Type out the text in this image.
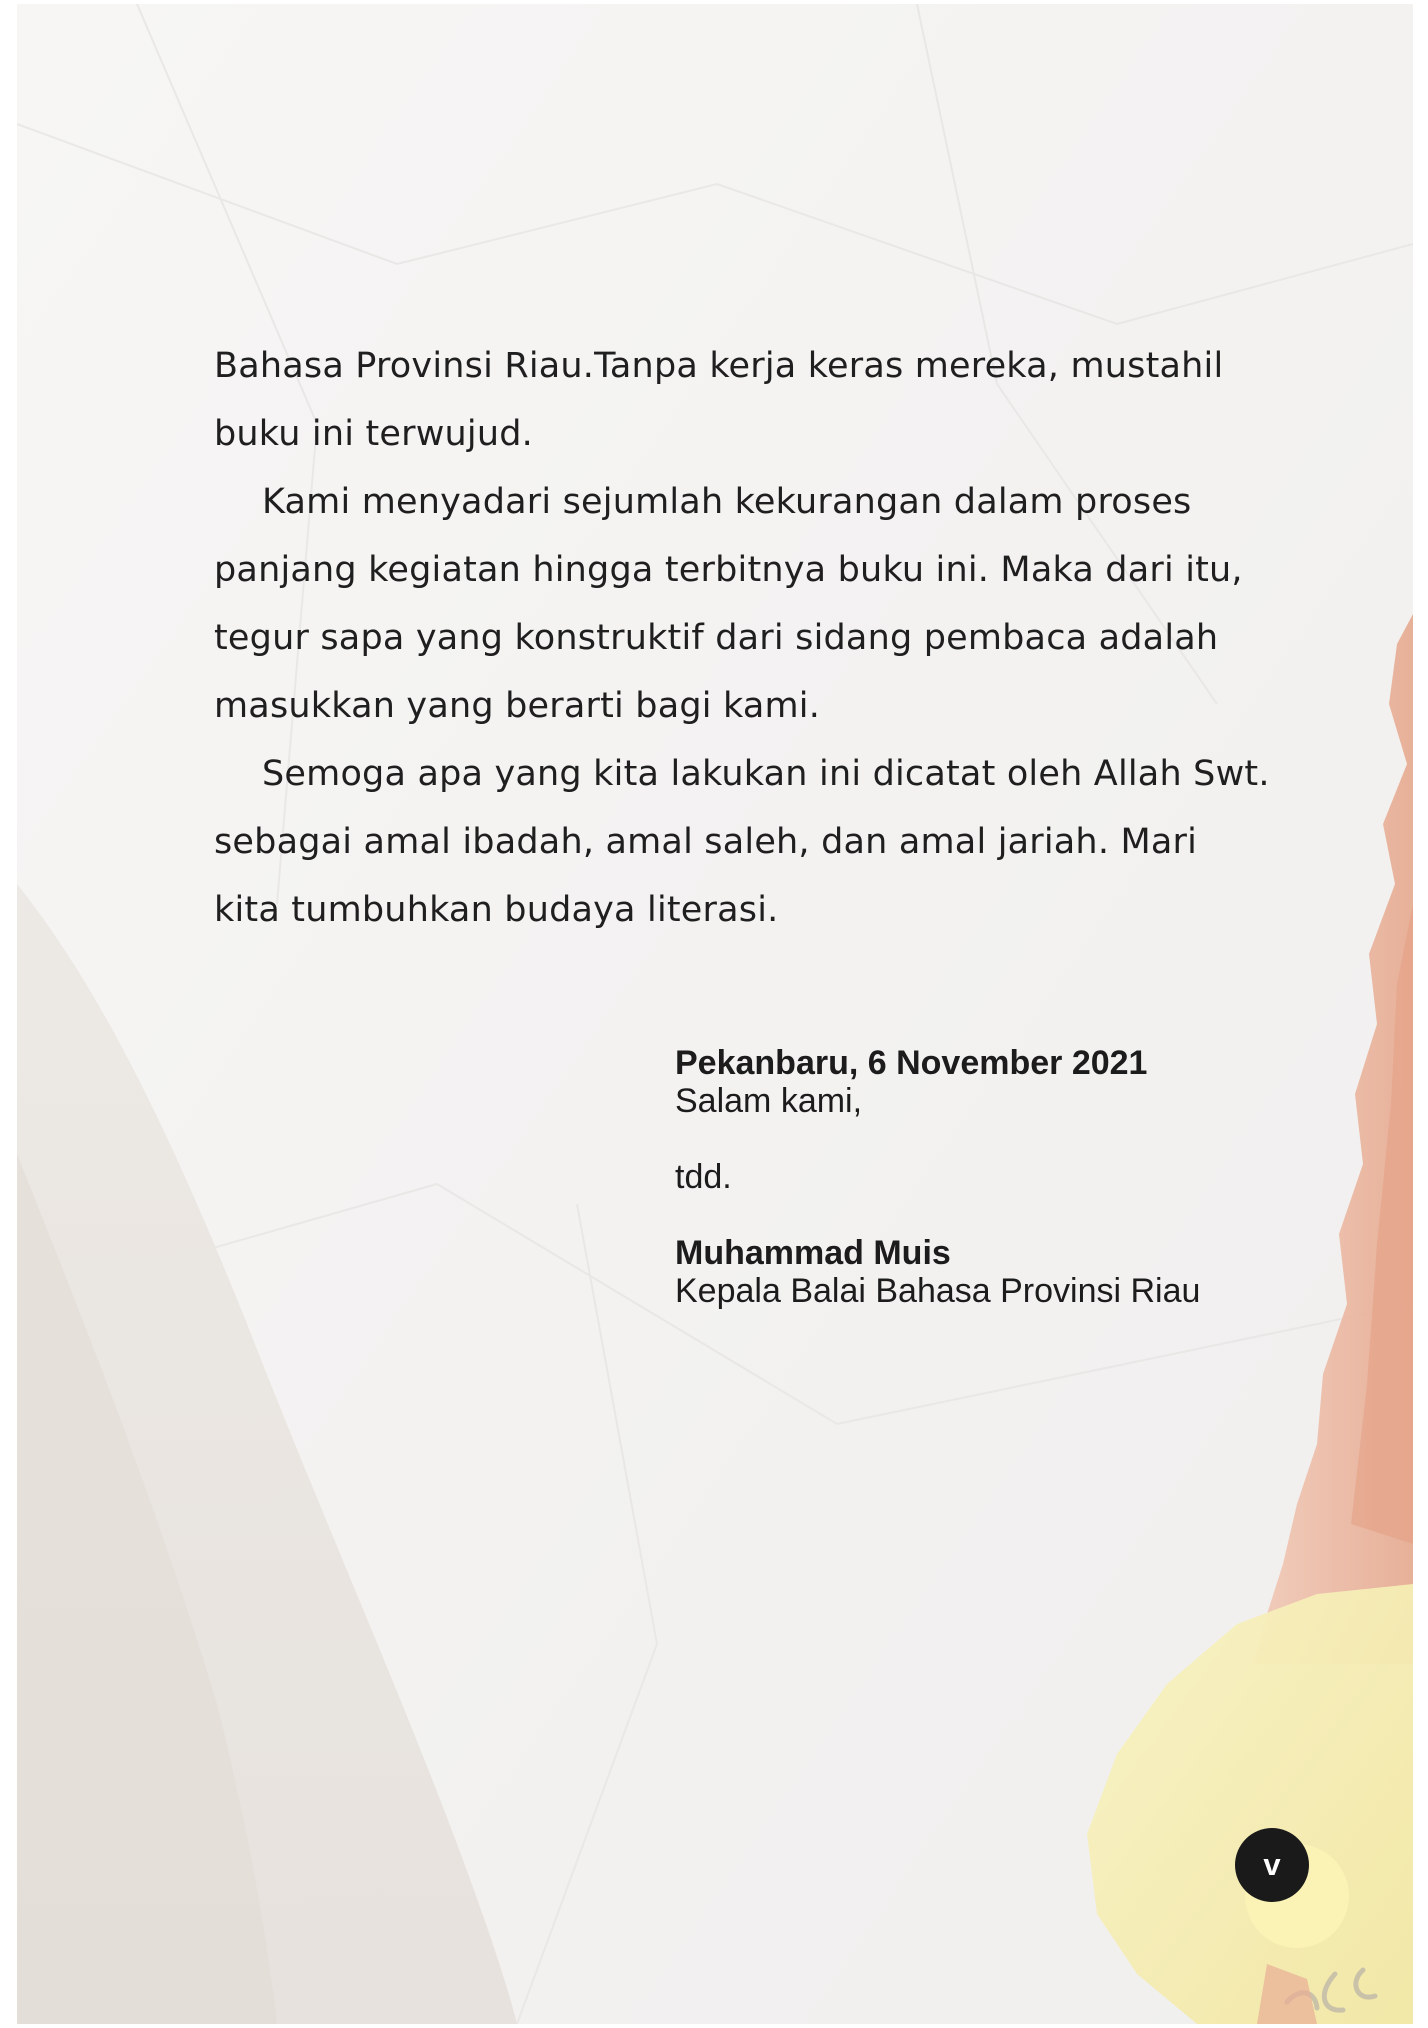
Bahasa Provinsi Riau.Tanpa kerja keras mereka, mustahil
buku ini terwujud.
Kami menyadari sejumlah kekurangan dalam proses
panjang kegiatan hingga terbitnya buku ini. Maka dari itu,
tegur sapa yang konstruktif dari sidang pembaca adalah
masukkan yang berarti bagi kami.
Semoga apa yang kita lakukan ini dicatat oleh Allah Swt.
sebagai amal ibadah, amal saleh, dan amal jariah. Mari
kita tumbuhkan budaya literasi.
Pekanbaru, 6 November 2021
Salam kami,
tdd.
Muhammad Muis
Kepala Balai Bahasa Provinsi Riau
v
